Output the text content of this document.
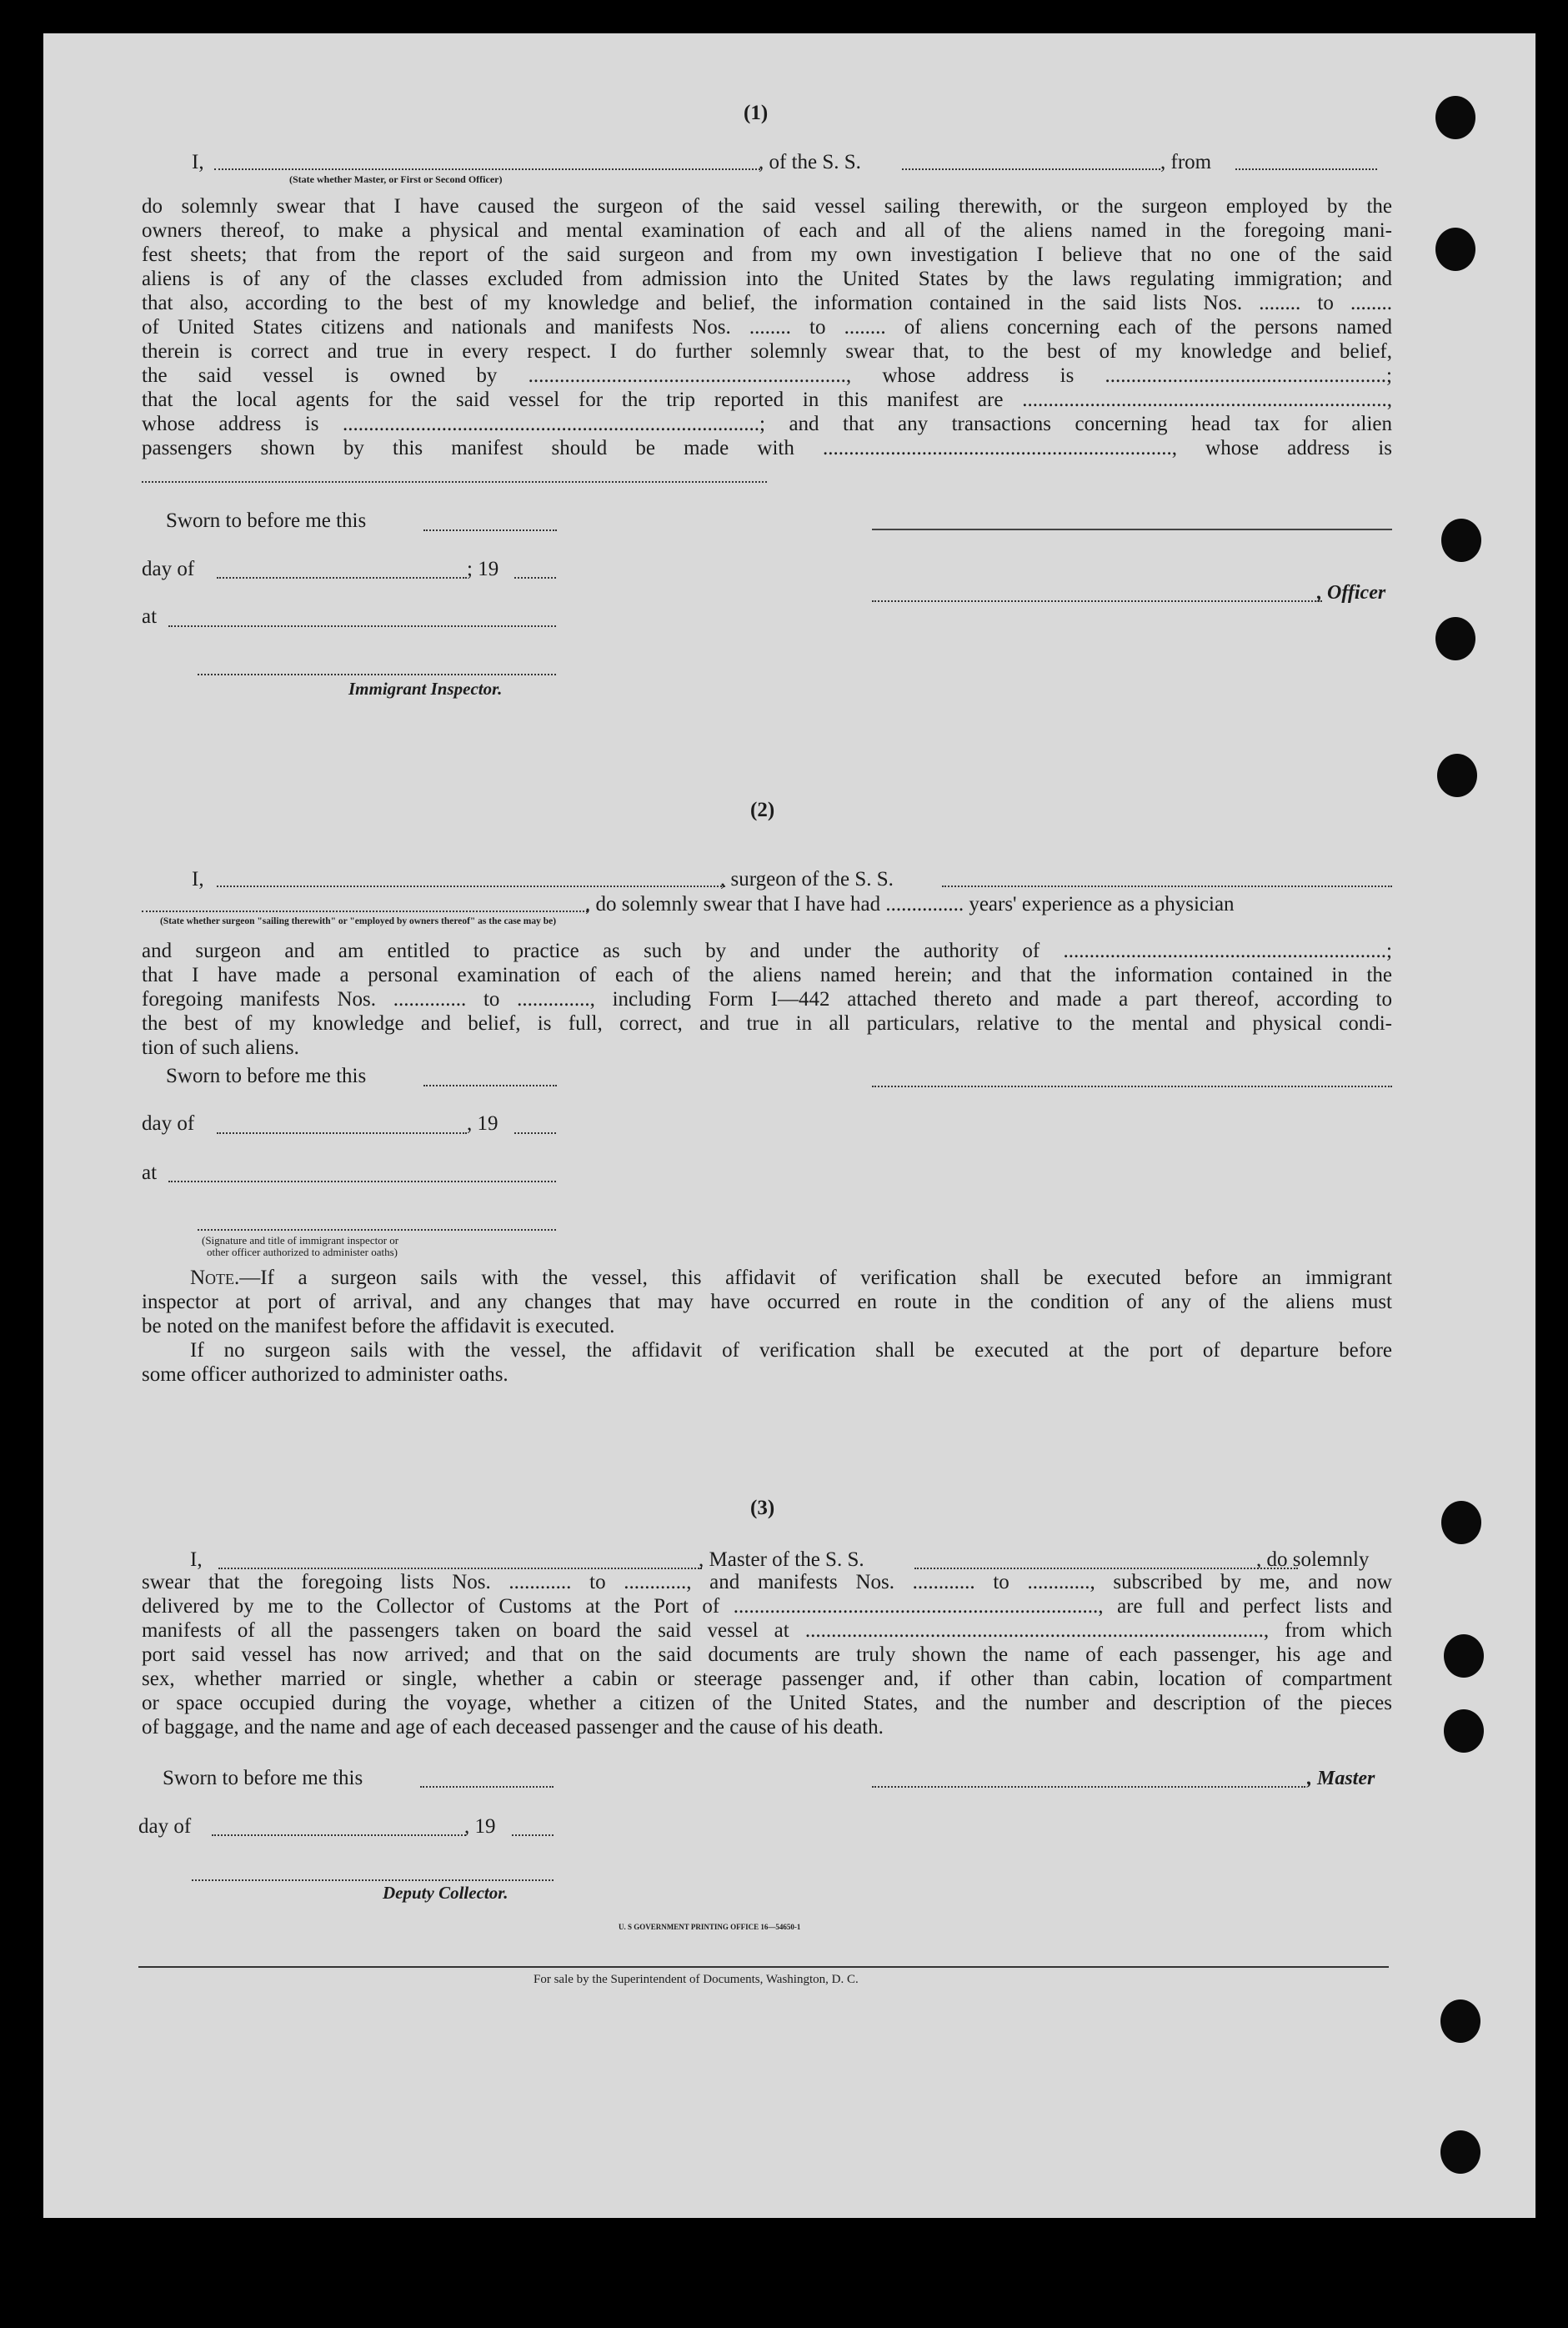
(1)
I,	, of the S. S.	, from
(State whether Master, or First or Second Officer)
do solemnly swear that I have caused the surgeon of the said vessel sailing therewith, or the surgeon employed by the
owners thereof, to make a physical and mental examination of each and all of the aliens named in the foregoing mani-
fest sheets; that from the report of the said surgeon and from my own investigation I believe that no one of the said
aliens is of any of the classes excluded from admission into the United States by the laws regulating immigration; and
that also, according to the best of my knowledge and belief, the information contained in the said lists Nos. ........ to ........
of United States citizens and nationals and manifests Nos. ........ to ........ of aliens concerning each of the persons named
therein is correct and true in every respect. I do further solemnly swear that, to the best of my knowledge and belief,
the said vessel is owned by ............................................................., whose address is ......................................................;
that the local agents for the said vessel for the trip reported in this manifest are ......................................................................,
whose address is ................................................................................; and that any transactions concerning head tax for alien
passengers shown by this manifest should be made with ..................................................................., whose address is
Sworn to before me this
day of	; 19
, Officer
at
Immigrant Inspector.
(2)
I,	, surgeon of the S. S.
, do solemnly swear that I have had ............... years' experience as a physician
(State whether surgeon "sailing therewith" or "employed by owners thereof" as the case may be)
and surgeon and am entitled to practice as such by and under the authority of ..............................................................;
that I have made a personal examination of each of the aliens named herein; and that the information contained in the
foregoing manifests Nos. .............. to .............., including Form I—442 attached thereto and made a part thereof, according to
the best of my knowledge and belief, is full, correct, and true in all particulars, relative to the mental and physical condi-
tion of such aliens.
Sworn to before me this
day of	, 19
at
(Signature and title of immigrant inspector or
other officer authorized to administer oaths)
Note.—If a surgeon sails with the vessel, this affidavit of verification shall be executed before an immigrant
inspector at port of arrival, and any changes that may have occurred en route in the condition of any of the aliens must
be noted on the manifest before the affidavit is executed.
If no surgeon sails with the vessel, the affidavit of verification shall be executed at the port of departure before
some officer authorized to administer oaths.
(3)
I,	, Master of the S. S.	, do solemnly
swear that the foregoing lists Nos. ............ to ............, and manifests Nos. ............ to ............, subscribed by me, and now
delivered by me to the Collector of Customs at the Port of ......................................................................, are full and perfect lists and
manifests of all the passengers taken on board the said vessel at ........................................................................................, from which
port said vessel has now arrived; and that on the said documents are truly shown the name of each passenger, his age and
sex, whether married or single, whether a cabin or steerage passenger and, if other than cabin, location of compartment
or space occupied during the voyage, whether a citizen of the United States, and the number and description of the pieces
of baggage, and the name and age of each deceased passenger and the cause of his death.
Sworn to before me this	, Master
day of	, 19
Deputy Collector.
U. S GOVERNMENT PRINTING OFFICE 16—54650-1
For sale by the Superintendent of Documents, Washington, D. C.
